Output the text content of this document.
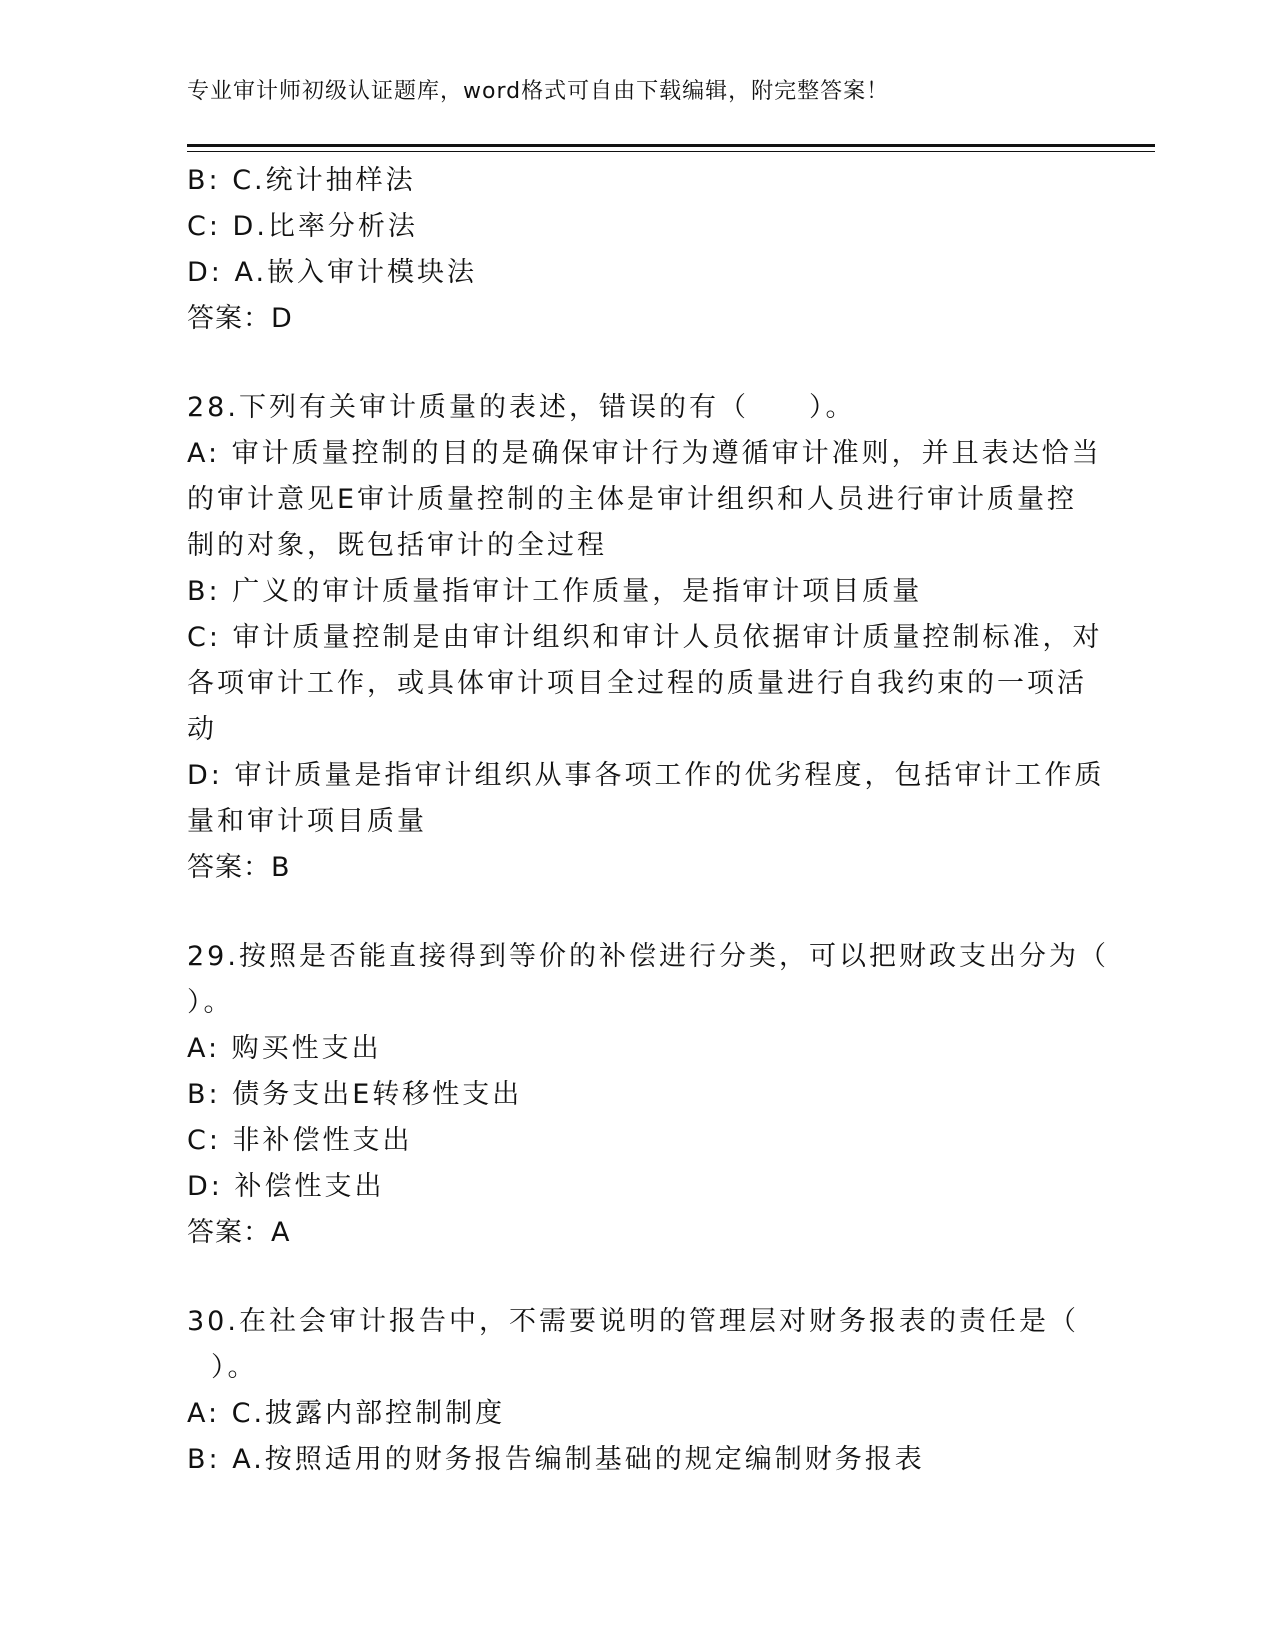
专业审计师初级认证题库，word格式可自由下载编辑，附完整答案！
B: C.统计抽样法
C: D.比率分析法
D: A.嵌入审计模块法
答案：D
28.下列有关审计质量的表述，错误的有（　　）。
A: 审计质量控制的目的是确保审计行为遵循审计准则，并且表达恰当
的审计意见E审计质量控制的主体是审计组织和人员进行审计质量控
制的对象，既包括审计的全过程
B: 广义的审计质量指审计工作质量，是指审计项目质量
C: 审计质量控制是由审计组织和审计人员依据审计质量控制标准，对
各项审计工作，或具体审计项目全过程的质量进行自我约束的一项活
动
D: 审计质量是指审计组织从事各项工作的优劣程度，包括审计工作质
量和审计项目质量
答案：B
29.按照是否能直接得到等价的补偿进行分类，可以把财政支出分为（
）。
A: 购买性支出
B: 债务支出E转移性支出
C: 非补偿性支出
D: 补偿性支出
答案：A
30.在社会审计报告中，不需要说明的管理层对财务报表的责任是（
）。
A: C.披露内部控制制度
B: A.按照适用的财务报告编制基础的规定编制财务报表
